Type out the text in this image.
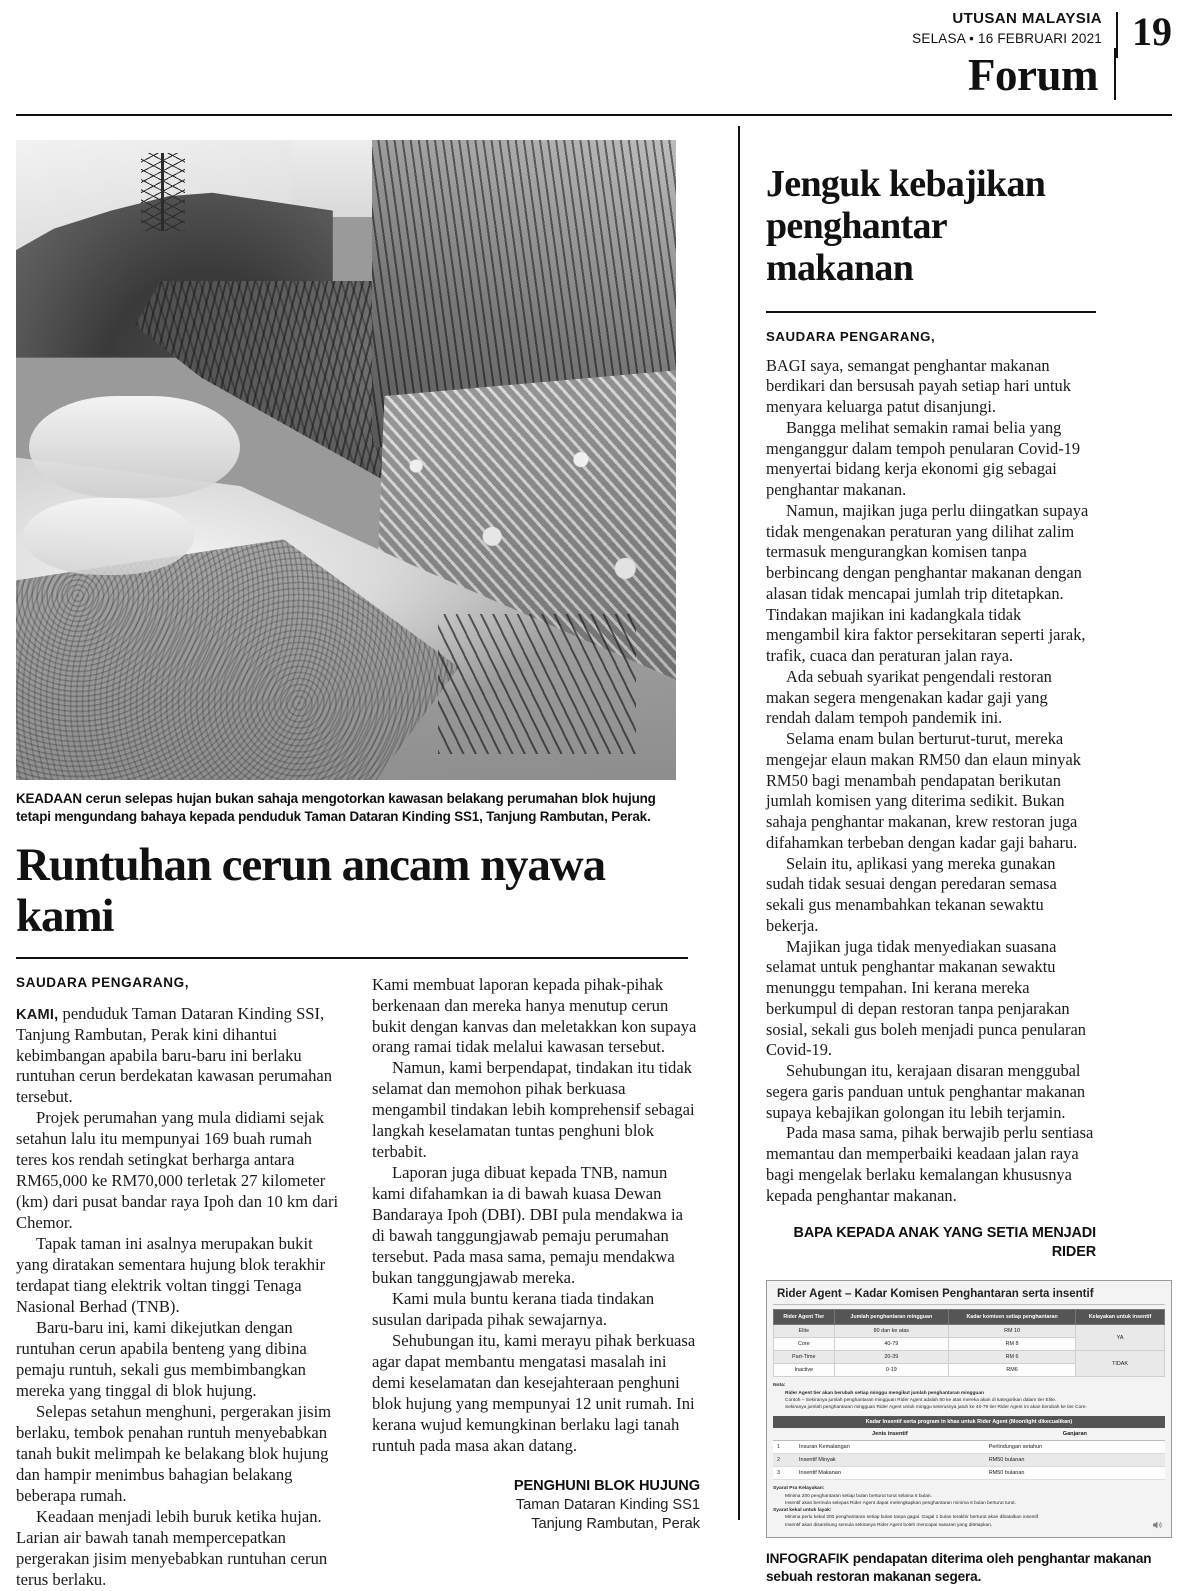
UTUSAN MALAYSIA
SELASA • 16 FEBRUARI 2021 19
Forum
KEADAAN cerun selepas hujan bukan sahaja mengotorkan kawasan belakang perumahan blok hujung tetapi mengundang bahaya kepada penduduk Taman Dataran Kinding SS1, Tanjung Rambutan, Perak.
Runtuhan cerun ancam nyawa kami
SAUDARA PENGARANG,

KAMI, penduduk Taman Dataran Kinding SSI, Tanjung Rambutan, Perak kini dihantui kebimbangan apabila baru-baru ini berlaku runtuhan cerun berdekatan kawasan perumahan tersebut.

Projek perumahan yang mula didiami sejak setahun lalu itu mempunyai 169 buah rumah teres kos rendah setingkat berharga antara RM65,000 ke RM70,000 terletak 27 kilometer (km) dari pusat bandar raya Ipoh dan 10 km dari Chemor.

Tapak taman ini asalnya merupakan bukit yang diratakan sementara hujung blok terakhir terdapat tiang elektrik voltan tinggi Tenaga Nasional Berhad (TNB).

Baru-baru ini, kami dikejutkan dengan runtuhan cerun apabila benteng yang dibina pemaju runtuh, sekali gus membimbangkan mereka yang tinggal di blok hujung.

Selepas setahun menghuni, pergerakan jisim berlaku, tembok penahan runtuh menyebabkan tanah bukit melimpah ke belakang blok hujung dan hampir menimbus bahagian belakang beberapa rumah.

Keadaan menjadi lebih buruk ketika hujan. Larian air bawah tanah mempercepatkan pergerakan jisim menyebabkan runtuhan cerun terus berlaku.

Kami membuat laporan kepada pihak-pihak berkenaan dan mereka hanya menutup cerun bukit dengan kanvas dan meletakkan kon supaya orang ramai tidak melalui kawasan tersebut.

Namun, kami berpendapat, tindakan itu tidak selamat dan memohon pihak berkuasa mengambil tindakan lebih komprehensif sebagai langkah keselamatan tuntas penghuni blok terbabit.

Laporan juga dibuat kepada TNB, namun kami difahamkan ia di bawah kuasa Dewan Bandaraya Ipoh (DBI). DBI pula mendakwa ia di bawah tanggungjawab pemaju perumahan tersebut. Pada masa sama, pemaju mendakwa bukan tanggungjawab mereka.

Kami mula buntu kerana tiada tindakan susulan daripada pihak sewajarnya.

Sehubungan itu, kami merayu pihak berkuasa agar dapat membantu mengatasi masalah ini demi keselamatan dan kesejahteraan penghuni blok hujung yang mempunyai 12 unit rumah. Ini kerana wujud kemungkinan berlaku lagi tanah runtuh pada masa akan datang.

PENGHUNI BLOK HUJUNG
Taman Dataran Kinding SS1
Tanjung Rambutan, Perak
Jenguk kebajikan penghantar makanan
SAUDARA PENGARANG,

BAGI saya, semangat penghantar makanan berdikari dan bersusah payah setiap hari untuk menyara keluarga patut disanjungi.

Bangga melihat semakin ramai belia yang menganggur dalam tempoh penularan Covid-19 menyertai bidang kerja ekonomi gig sebagai penghantar makanan.

Namun, majikan juga perlu diingatkan supaya tidak mengenakan peraturan yang dilihat zalim termasuk mengurangkan komisen tanpa berbincang dengan penghantar makanan dengan alasan tidak mencapai jumlah trip ditetapkan. Tindakan majikan ini kadangkala tidak mengambil kira faktor persekitaran seperti jarak, trafik, cuaca dan peraturan jalan raya.

Ada sebuah syarikat pengendali restoran makan segera mengenakan kadar gaji yang rendah dalam tempoh pandemik ini.

Selama enam bulan berturut-turut, mereka mengejar elaun makan RM50 dan elaun minyak RM50 bagi menambah pendapatan berikutan jumlah komisen yang diterima sedikit. Bukan sahaja penghantar makanan, krew restoran juga difahamkan terbeban dengan kadar gaji baharu.

Selain itu, aplikasi yang mereka gunakan sudah tidak sesuai dengan peredaran semasa sekali gus menambahkan tekanan sewaktu bekerja.

Majikan juga tidak menyediakan suasana selamat untuk penghantar makanan sewaktu menunggu tempahan. Ini kerana mereka berkumpul di depan restoran tanpa penjarakan sosial, sekali gus boleh menjadi punca penularan Covid-19.

Sehubungan itu, kerajaan disaran menggubal segera garis panduan untuk penghantar makanan supaya kebajikan golongan itu lebih terjamin.

Pada masa sama, pihak berwajib perlu sentiasa memantau dan memperbaiki keadaan jalan raya bagi mengelak berlaku kemalangan khususnya kepada penghantar makanan.

BAPA KEPADA ANAK YANG SETIA MENJADI
RIDER
Rider Agent – Kadar Komisen Penghantaran serta insentif
Rider Agent Tier	Jumlah penghantaran mingguan	Kadar komisen setiap penghantaran	Kelayakan untuk insentif
Elite	80 dan ke atas	RM 10	YA
Core	40-79	RM 8	
Part-Time	20-39	RM 6	TIDAK
Inactive	0-19	RM6	
Nota:
Rider Agent tier akan berubah setiap minggu mengikut jumlah penghantaran mingguan
Contoh – Sekiranya jumlah penghantaran mingguan Rider Agent adalah 80 ke atas mereka akan di kategorikan dalam tier Elite.
Sekiranya jumlah penghantaran mingguan Rider Agent untuk minggu seterusnya jatuh ke 40-79 tier Rider Agent ini akan berubah ke tier Core.
Kadar Insentif serta program in khas untuk Rider Agent (Moonlight dikecualikan)
	Jenis insentif	Ganjaran
1	Insuran Kemalangan	Perlindungan setahun
2	Insentif Minyak	RM50 bulanan
3	Insentif Makanan	RM50 bulanan
Syarat Pra Kelayakan:
Minima 200 penghantaran setiap bulan berturut turut selama 6 bulan.
Insentif akan bermula selepas Rider Agent dapat melengkapkan penghantaran minima 6 bulan berturut turut.
Syarat kekal untuk layak:
Minima perlu kekal 200 penghantaran setiap bulan tanpa gagal. Gagal 1 bulan terakhir berturut akan dibatalkan insentif.
Insentif akan disambung semula sekiranya Rider Agent boleh mencapai sasaran yang ditetapkan.
INFOGRAFIK pendapatan diterima oleh penghantar makanan sebuah restoran makanan segera.
